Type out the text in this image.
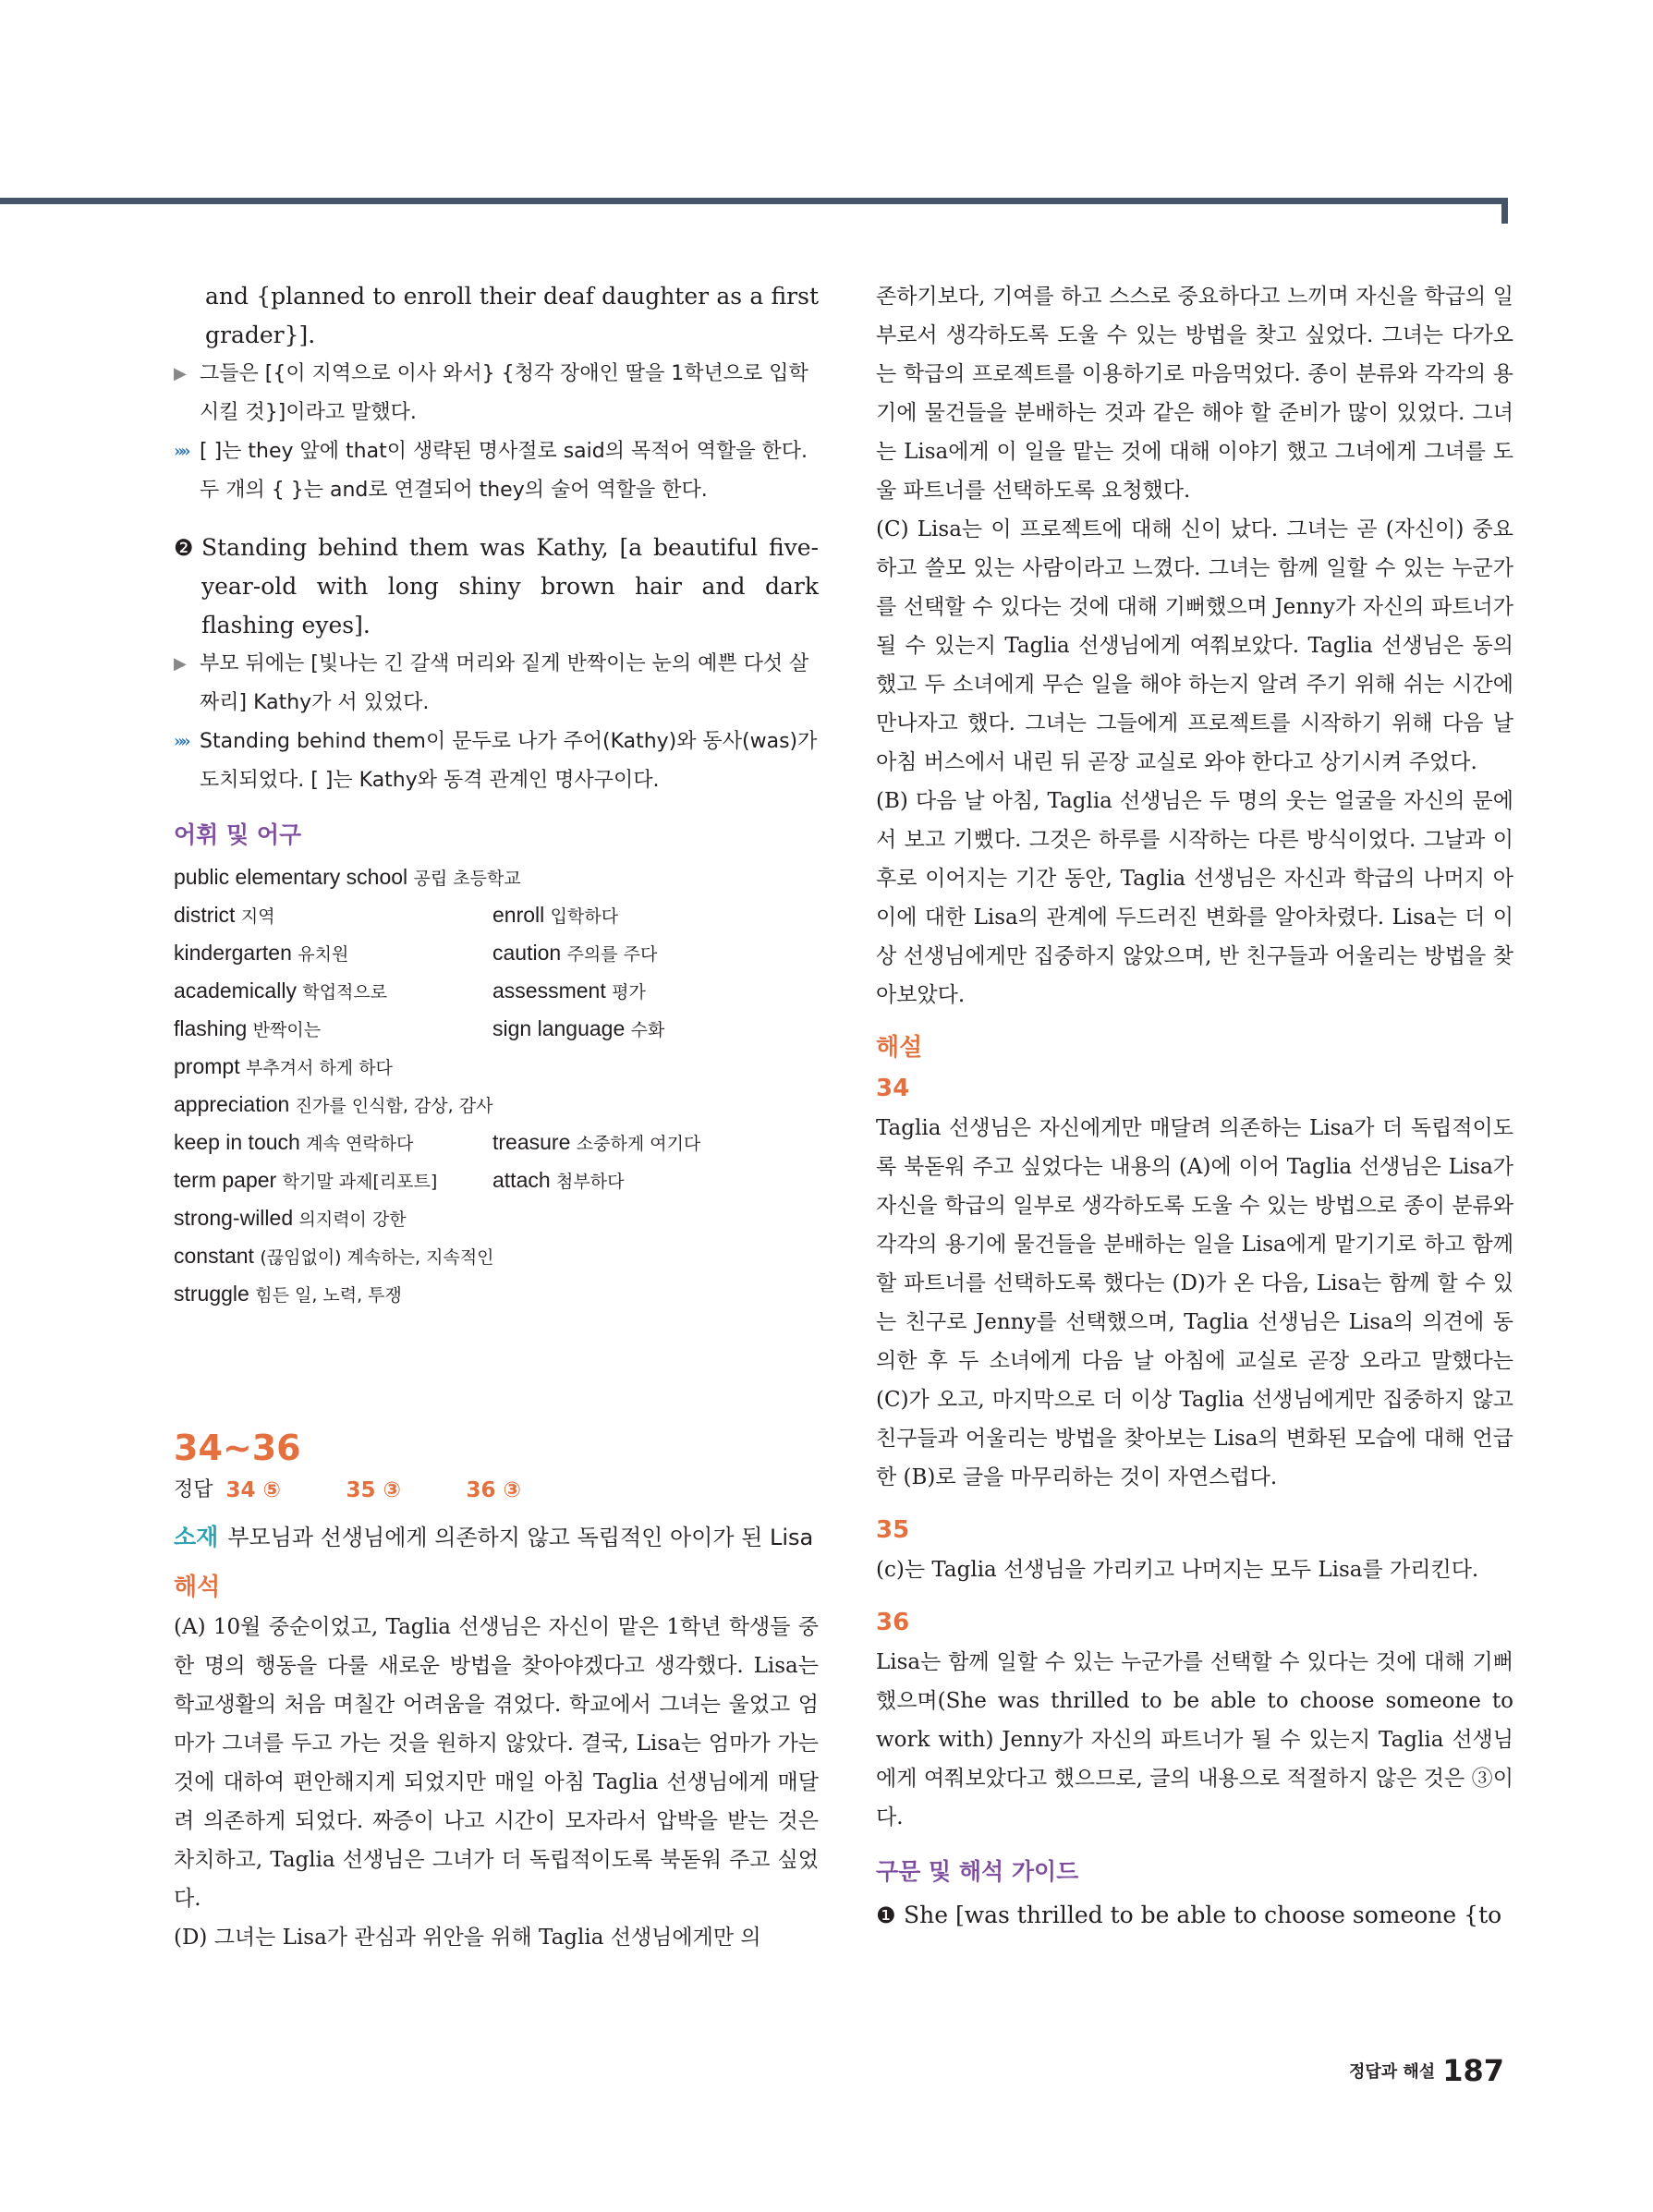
and {planned to enroll their deaf daughter as a first grader}].

▶ 그들은 [{이 지역으로 이사 와서} {청각 장애인 딸을 1학년으로 입학시킬 것}]이라고 말했다.

»» [ ]는 they 앞에 that이 생략된 명사절로 said의 목적어 역할을 한다. 두 개의 { }는 and로 연결되어 they의 술어 역할을 한다.

❷ Standing behind them was Kathy, [a beautiful five-year-old with long shiny brown hair and dark flashing eyes].

▶ 부모 뒤에는 [빛나는 긴 갈색 머리와 짙게 반짝이는 눈의 예쁜 다섯 살짜리] Kathy가 서 있었다.

»» Standing behind them이 문두로 나가 주어(Kathy)와 동사(was)가 도치되었다. [ ]는 Kathy와 동격 관계인 명사구이다.

어휘 및 어구
public elementary school 공립 초등학교
district 지역	enroll 입학하다
kindergarten 유치원	caution 주의를 주다
academically 학업적으로	assessment 평가
flashing 반짝이는	sign language 수화
prompt 부추겨서 하게 하다
appreciation 진가를 인식함, 감상, 감사
keep in touch 계속 연락하다	treasure 소중하게 여기다
term paper 학기말 과제[리포트]	attach 첨부하다
strong-willed 의지력이 강한
constant (끊임없이) 계속하는, 지속적인
struggle 힘든 일, 노력, 투쟁

34~36

정답 34 ⑤	35 ③	36 ③

소재 부모님과 선생님에게 의존하지 않고 독립적인 아이가 된 Lisa

해석

(A) 10월 중순이었고, Taglia 선생님은 자신이 맡은 1학년 학생들 중 한 명의 행동을 다룰 새로운 방법을 찾아야겠다고 생각했다. Lisa는 학교생활의 처음 며칠간 어려움을 겪었다. 학교에서 그녀는 울었고 엄마가 그녀를 두고 가는 것을 원하지 않았다. 결국, Lisa는 엄마가 가는 것에 대하여 편안해지게 되었지만 매일 아침 Taglia 선생님에게 매달려 의존하게 되었다. 짜증이 나고 시간이 모자라서 압박을 받는 것은 차치하고, Taglia 선생님은 그녀가 더 독립적이도록 북돋워 주고 싶었다.

(D) 그녀는 Lisa가 관심과 위안을 위해 Taglia 선생님에게만 의

존하기보다, 기여를 하고 스스로 중요하다고 느끼며 자신을 학급의 일부로서 생각하도록 도울 수 있는 방법을 찾고 싶었다. 그녀는 다가오는 학급의 프로젝트를 이용하기로 마음먹었다. 종이 분류와 각각의 용기에 물건들을 분배하는 것과 같은 해야 할 준비가 많이 있었다. 그녀는 Lisa에게 이 일을 맡는 것에 대해 이야기 했고 그녀에게 그녀를 도울 파트너를 선택하도록 요청했다.

(C) Lisa는 이 프로젝트에 대해 신이 났다. 그녀는 곧 (자신이) 중요하고 쓸모 있는 사람이라고 느꼈다. 그녀는 함께 일할 수 있는 누군가를 선택할 수 있다는 것에 대해 기뻐했으며 Jenny가 자신의 파트너가 될 수 있는지 Taglia 선생님에게 여쭤보았다. Taglia 선생님은 동의했고 두 소녀에게 무슨 일을 해야 하는지 알려 주기 위해 쉬는 시간에 만나자고 했다. 그녀는 그들에게 프로젝트를 시작하기 위해 다음 날 아침 버스에서 내린 뒤 곧장 교실로 와야 한다고 상기시켜 주었다.

(B) 다음 날 아침, Taglia 선생님은 두 명의 웃는 얼굴을 자신의 문에서 보고 기뻤다. 그것은 하루를 시작하는 다른 방식이었다. 그날과 이후로 이어지는 기간 동안, Taglia 선생님은 자신과 학급의 나머지 아이에 대한 Lisa의 관계에 두드러진 변화를 알아차렸다. Lisa는 더 이상 선생님에게만 집중하지 않았으며, 반 친구들과 어울리는 방법을 찾아보았다.

해설
34

Taglia 선생님은 자신에게만 매달려 의존하는 Lisa가 더 독립적이도록 북돋워 주고 싶었다는 내용의 (A)에 이어 Taglia 선생님은 Lisa가 자신을 학급의 일부로 생각하도록 도울 수 있는 방법으로 종이 분류와 각각의 용기에 물건들을 분배하는 일을 Lisa에게 맡기기로 하고 함께 할 파트너를 선택하도록 했다는 (D)가 온 다음, Lisa는 함께 할 수 있는 친구로 Jenny를 선택했으며, Taglia 선생님은 Lisa의 의견에 동의한 후 두 소녀에게 다음 날 아침에 교실로 곧장 오라고 말했다는 (C)가 오고, 마지막으로 더 이상 Taglia 선생님에게만 집중하지 않고 친구들과 어울리는 방법을 찾아보는 Lisa의 변화된 모습에 대해 언급한 (B)로 글을 마무리하는 것이 자연스럽다.

35

(c)는 Taglia 선생님을 가리키고 나머지는 모두 Lisa를 가리킨다.

36

Lisa는 함께 일할 수 있는 누군가를 선택할 수 있다는 것에 대해 기뻐했으며(She was thrilled to be able to choose someone to work with) Jenny가 자신의 파트너가 될 수 있는지 Taglia 선생님에게 여쭤보았다고 했으므로, 글의 내용으로 적절하지 않은 것은 ③이다.

구문 및 해석 가이드
❶ She [was thrilled to be able to choose someone {to

정답과 해설 187
